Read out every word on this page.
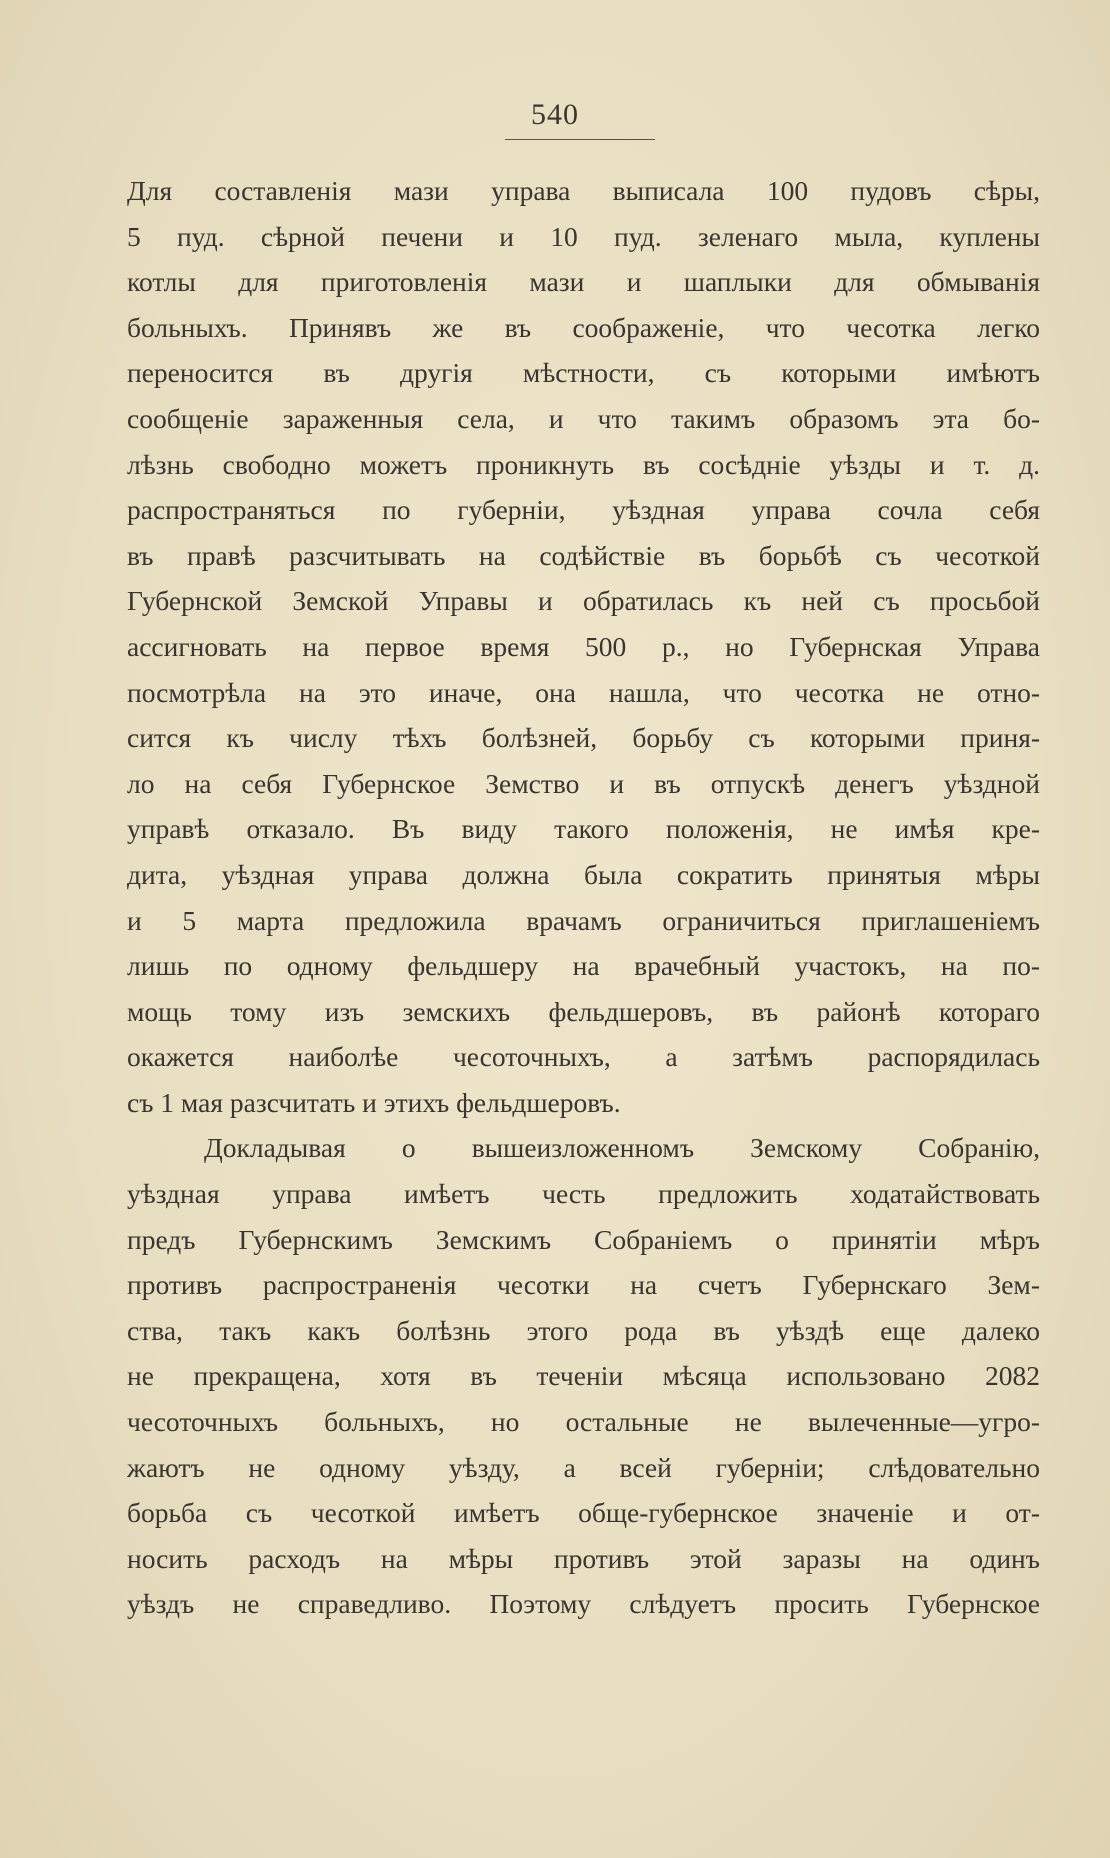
540
Для составленія мази управа выписала 100 пудовъ сѣры,
5 пуд. сѣрной печени и 10 пуд. зеленаго мыла, куплены
котлы для приготовленія мази и шаплыки для обмыванія
больныхъ. Принявъ же въ соображеніе, что чесотка легко
переносится въ другія мѣстности, съ которыми имѣютъ
сообщеніе зараженныя села, и что такимъ образомъ эта бо-
лѣзнь свободно можетъ проникнуть въ сосѣдніе уѣзды и т. д.
распространяться по губерніи, уѣздная управа сочла себя
въ правѣ разсчитывать на содѣйствіе въ борьбѣ съ чесоткой
Губернской Земской Управы и обратилась къ ней съ просьбой
ассигновать на первое время 500 р., но Губернская Управа
посмотрѣла на это иначе, она нашла, что чесотка не отно-
сится къ числу тѣхъ болѣзней, борьбу съ которыми приня-
ло на себя Губернское Земство и въ отпускѣ денегъ уѣздной
управѣ отказало. Въ виду такого положенія, не имѣя кре-
дита, уѣздная управа должна была сократить принятыя мѣры
и 5 марта предложила врачамъ ограничиться приглашеніемъ
лишь по одному фельдшеру на врачебный участокъ, на по-
мощь тому изъ земскихъ фельдшеровъ, въ районѣ котораго
окажется наиболѣе чесоточныхъ, а затѣмъ распорядилась
съ 1 мая разсчитать и этихъ фельдшеровъ.
Докладывая о вышеизложенномъ Земскому Собранію,
уѣздная управа имѣетъ честь предложить ходатайствовать
предъ Губернскимъ Земскимъ Собраніемъ о принятіи мѣръ
противъ распространенія чесотки на счетъ Губернскаго Зем-
ства, такъ какъ болѣзнь этого рода въ уѣздѣ еще далеко
не прекращена, хотя въ теченіи мѣсяца использовано 2082
чесоточныхъ больныхъ, но остальные не вылеченные—угро-
жаютъ не одному уѣзду, а всей губерніи; слѣдовательно
борьба съ чесоткой имѣетъ обще-губернское значеніе и от-
носить расходъ на мѣры противъ этой заразы на одинъ
уѣздъ не справедливо. Поэтому слѣдуетъ просить Губернское
